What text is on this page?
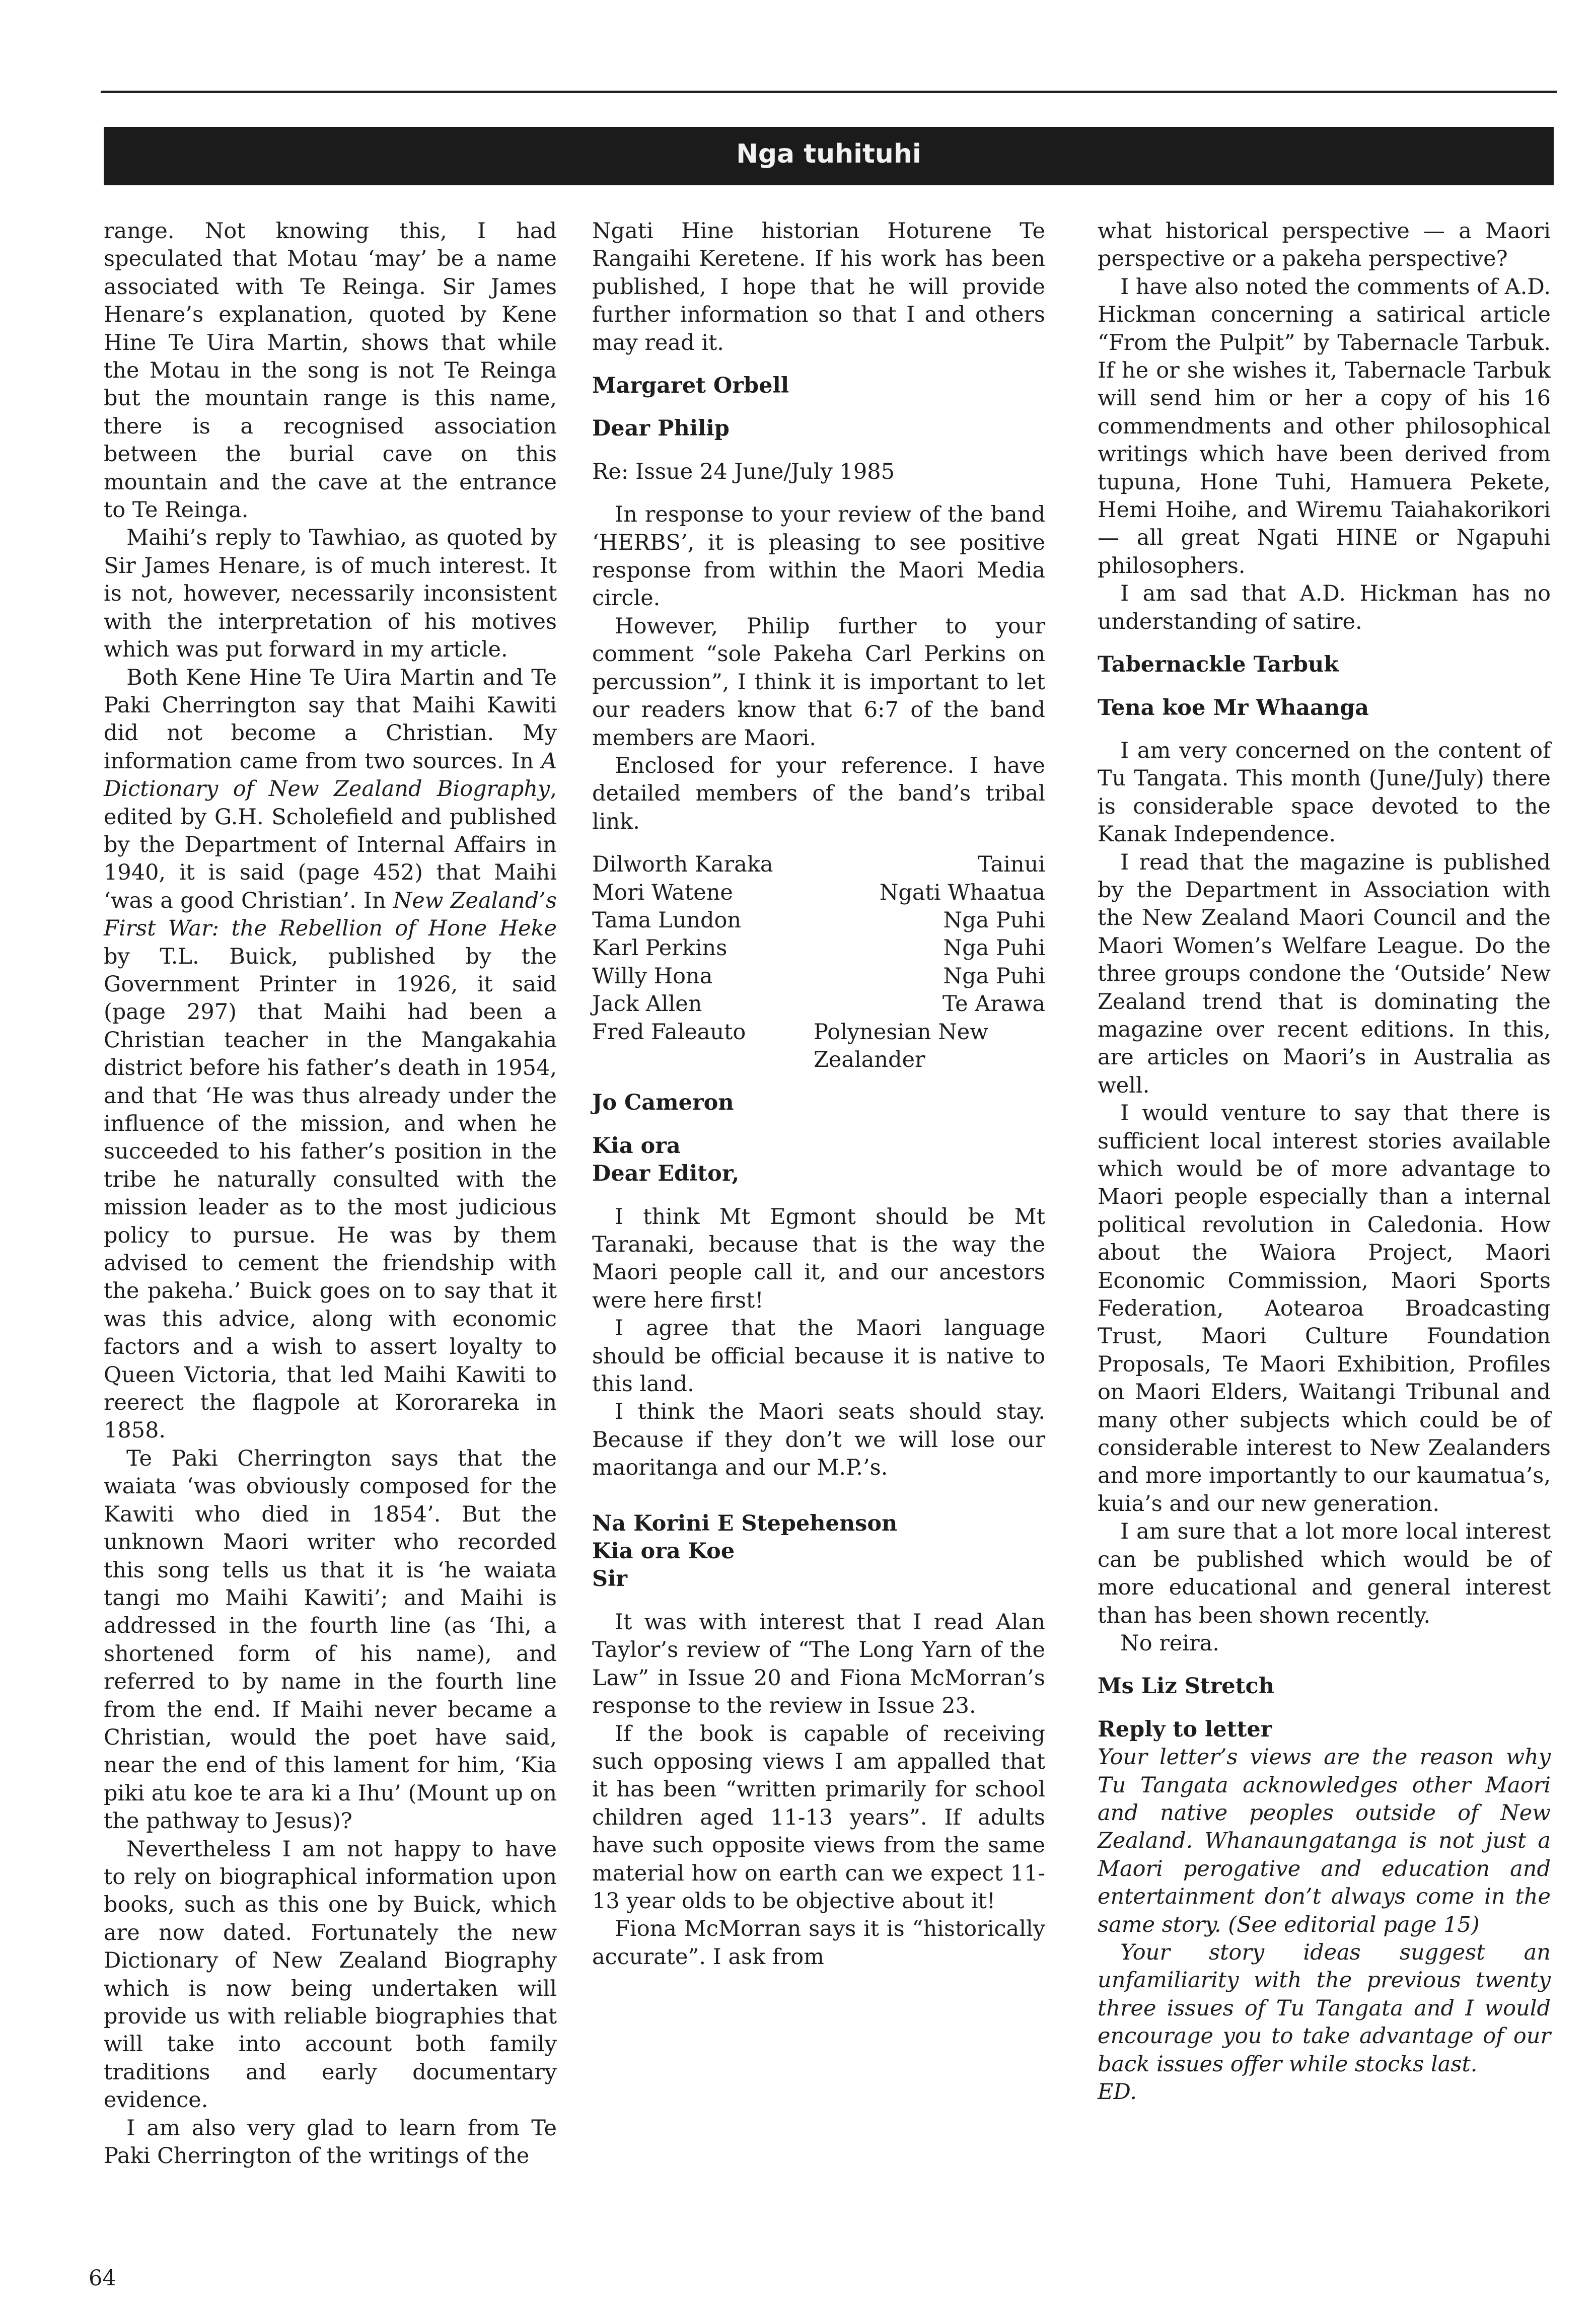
Nga tuhituhi

range. Not knowing this, I had speculated that Motau ‘may’ be a name associated with Te Reinga. Sir James Henare’s explanation, quoted by Kene Hine Te Uira Martin, shows that while the Motau in the song is not Te Reinga but the mountain range is this name, there is a recognised association between the burial cave on this mountain and the cave at the entrance to Te Reinga.

Maihi’s reply to Tawhiao, as quoted by Sir James Henare, is of much interest. It is not, however, necessarily inconsistent with the interpretation of his motives which was put forward in my article.

Both Kene Hine Te Uira Martin and Te Paki Cherrington say that Maihi Kawiti did not become a Christian. My information came from two sources. In A Dictionary of New Zealand Biography, edited by G.H. Scholefield and published by the Department of Internal Affairs in 1940, it is said (page 452) that Maihi ‘was a good Christian’. In New Zealand’s First War: the Rebellion of Hone Heke by T.L. Buick, published by the Government Printer in 1926, it said (page 297) that Maihi had been a Christian teacher in the Mangakahia district before his father’s death in 1954, and that ‘He was thus already under the influence of the mission, and when he succeeded to his father’s position in the tribe he naturally consulted with the mission leader as to the most judicious policy to pursue. He was by them advised to cement the friendship with the pakeha.’ Buick goes on to say that it was this advice, along with economic factors and a wish to assert loyalty to Queen Victoria, that led Maihi Kawiti to reerect the flagpole at Kororareka in 1858.

Te Paki Cherrington says that the waiata ‘was obviously composed for the Kawiti who died in 1854’. But the unknown Maori writer who recorded this song tells us that it is ‘he waiata tangi mo Maihi Kawiti’; and Maihi is addressed in the fourth line (as ‘Ihi, a shortened form of his name), and referred to by name in the fourth line from the end. If Maihi never became a Christian, would the poet have said, near the end of this lament for him, ‘Kia piki atu koe te ara ki a Ihu’ (Mount up on the pathway to Jesus)?

Nevertheless I am not happy to have to rely on biographical information upon books, such as this one by Buick, which are now dated. Fortunately the new Dictionary of New Zealand Biography which is now being undertaken will provide us with reliable biographies that will take into account both family traditions and early documentary evidence.

I am also very glad to learn from Te Paki Cherrington of the writings of the

Ngati Hine historian Hoturene Te Rangaihi Keretene. If his work has been published, I hope that he will provide further information so that I and others may read it.

Margaret Orbell

Dear Philip

Re: Issue 24 June/July 1985

In response to your review of the band ‘HERBS’, it is pleasing to see positive response from within the Maori Media circle.

However, Philip further to your comment “sole Pakeha Carl Perkins on percussion”, I think it is important to let our readers know that 6:7 of the band members are Maori.

Enclosed for your reference. I have detailed members of the band’s tribal link.

Dilworth Karaka	Tainui
Mori Watene	Ngati Whaatua
Tama Lundon	Nga Puhi
Karl Perkins	Nga Puhi
Willy Hona	Nga Puhi
Jack Allen	Te Arawa
Fred Faleauto	Polynesian New Zealander

Jo Cameron

Kia ora

Dear Editor,

I think Mt Egmont should be Mt Taranaki, because that is the way the Maori people call it, and our ancestors were here first!

I agree that the Maori language should be official because it is native to this land.

I think the Maori seats should stay. Because if they don’t we will lose our maoritanga and our M.P.’s.

Na Korini E Stepehenson

Kia ora Koe

Sir

It was with interest that I read Alan Taylor’s review of “The Long Yarn of the Law” in Issue 20 and Fiona McMorran’s response to the review in Issue 23.

If the book is capable of receiving such opposing views I am appalled that it has been “written primarily for school children aged 11-13 years”. If adults have such opposite views from the same material how on earth can we expect 11-13 year olds to be objective about it!

Fiona McMorran says it is “historically accurate”. I ask from

what historical perspective — a Maori perspective or a pakeha perspective?

I have also noted the comments of A.D. Hickman concerning a satirical article “From the Pulpit” by Tabernacle Tarbuk. If he or she wishes it, Tabernacle Tarbuk will send him or her a copy of his 16 commendments and other philosophical writings which have been derived from tupuna, Hone Tuhi, Hamuera Pekete, Hemi Hoihe, and Wiremu Taiahakorikori — all great Ngati HINE or Ngapuhi philosophers.

I am sad that A.D. Hickman has no understanding of satire.

Tabernackle Tarbuk

Tena koe Mr Whaanga

I am very concerned on the content of Tu Tangata. This month (June/July) there is considerable space devoted to the Kanak Independence.

I read that the magazine is published by the Department in Association with the New Zealand Maori Council and the Maori Women’s Welfare League. Do the three groups condone the ‘Outside’ New Zealand trend that is dominating the magazine over recent editions. In this, are articles on Maori’s in Australia as well.

I would venture to say that there is sufficient local interest stories available which would be of more advantage to Maori people especially than a internal political revolution in Caledonia. How about the Waiora Project, Maori Economic Commission, Maori Sports Federation, Aotearoa Broadcasting Trust, Maori Culture Foundation Proposals, Te Maori Exhibition, Profiles on Maori Elders, Waitangi Tribunal and many other subjects which could be of considerable interest to New Zealanders and more importantly to our kaumatua’s, kuia’s and our new generation.

I am sure that a lot more local interest can be published which would be of more educational and general interest than has been shown recently.

No reira.

Ms Liz Stretch

Reply to letter

Your letter’s views are the reason why Tu Tangata acknowledges other Maori and native peoples outside of New Zealand. Whanaungatanga is not just a Maori perogative and education and entertainment don’t always come in the same story. (See editorial page 15)

Your story ideas suggest an unfamiliarity with the previous twenty three issues of Tu Tangata and I would encourage you to take advantage of our back issues offer while stocks last.

ED.

64
